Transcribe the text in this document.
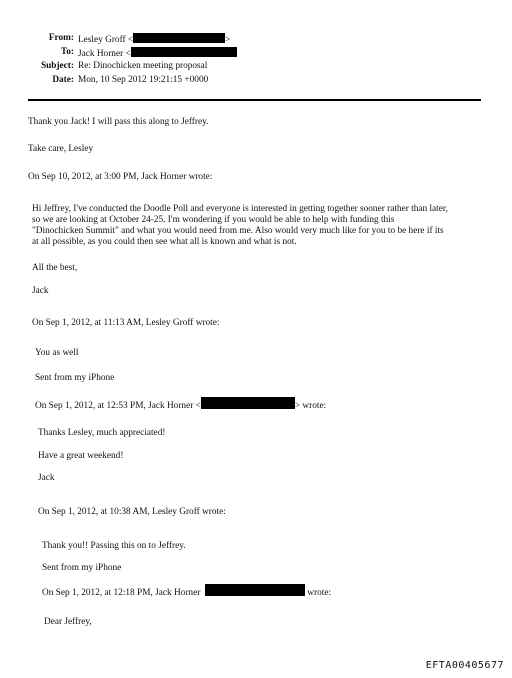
From: Lesley Groff <	>
To: Jack Horner <
Subject: Re: Dinochicken meeting proposal
Date: Mon, 10 Sep 2012 19:21:15 +0000
Thank you Jack! I will pass this along to Jeffrey.
Take care, Lesley
On Sep 10, 2012, at 3:00 PM, Jack Horner wrote:
Hi Jeffrey, I've conducted the Doodle Poll and everyone is interested in getting together sooner rather than later,
so we are looking at October 24-25. I'm wondering if you would be able to help with funding this
"Dinochicken Summit" and what you would need from me. Also would very much like for you to be here if its
at all possible, as you could then see what all is known and what is not.
All the best,
Jack
On Sep 1, 2012, at 11:13 AM, Lesley Groff wrote:
You as well
Sent from my iPhone
On Sep 1, 2012, at 12:53 PM, Jack Horner <	> wrote:
Thanks Lesley, much appreciated!
Have a great weekend!
Jack
On Sep 1, 2012, at 10:38 AM, Lesley Groff wrote:
Thank you!! Passing this on to Jeffrey.
Sent from my iPhone
On Sep 1, 2012, at 12:18 PM, Jack Horner	wrote:
Dear Jeffrey,
EFTA00405677
